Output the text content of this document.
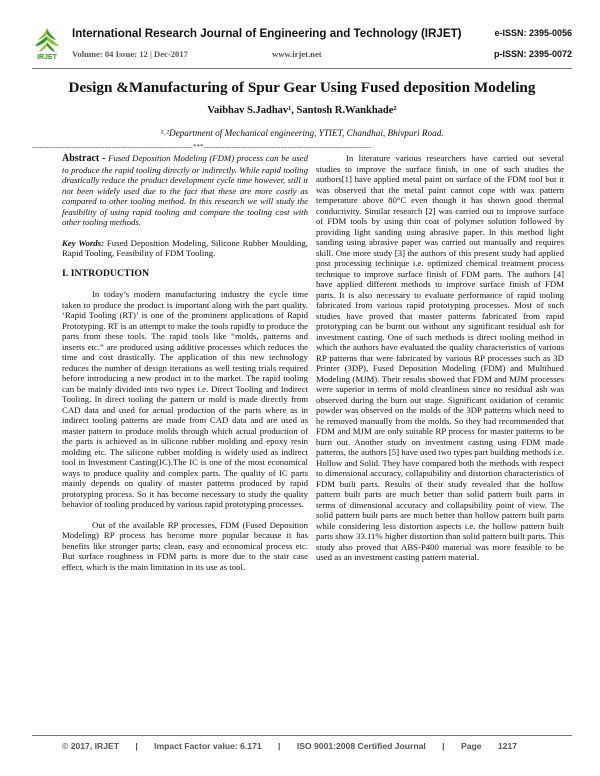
IRJET
International Research Journal of Engineering and Technology (IRJET)	e-ISSN: 2395-0056
Volume: 04 Issue: 12 | Dec-2017	www.irjet.net	p-ISSN: 2395-0072
Design &Manufacturing of Spur Gear Using Fused deposition Modeling
Vaibhav S.Jadhav¹, Santosh R.Wankhade²
¹˒²Department of Mechanical engineering, YTIET, Chandhai, Bhivpuri Road.
---------------------------------------------------------------------***------------------------------------------------------------------------

Abstract - Fused Deposition Modeling (FDM) process can be used to produce the rapid tooling directly or indirectly. While rapid tooling drastically reduce the product development cycle time however, still it not been widely used due to the fact that these are more costly as compared to other tooling method. In this research we will study the feasibility of using rapid tooling and compare the tooling cost with other tooling methods.

Key Words: Fused Deposition Modeling, Silicone Rubber Moulding, Rapid Tooling, Feasibility of FDM Tooling.

I. INTRODUCTION

In today’s modern manufacturing industry the cycle time taken to produce the product is important along with the part quality. ‘Rapid Tooling (RT)’ is one of the prominent applications of Rapid Prototyping. RT is an attempt to make the tools rapidly to produce the parts from these tools. The rapid tools like “molds, patterns and inserts etc.” are produced using additive processes which reduces the time and cost drastically. The application of this new technology reduces the number of design iterations as well testing trials required before introducing a new product in to the market. The rapid tooling can be mainly divided into two types i.e. Direct Tooling and Indirect Tooling. In direct tooling the pattern or mold is made directly from CAD data and used for actual production of the parts where as in indirect tooling patterns are made from CAD data and are used as master pattern to produce molds through which actual production of the parts is achieved as in silicone rubber molding and epoxy resin molding etc. The silicone rubber molding is widely used as indirect tool in Investment Casting(IC).The IC is one of the most economical ways to produce quality and complex parts. The quality of IC parts mainly depends on quality of master patterns produced by rapid prototyping process. So it has become necessary to study the quality behavior of tooling produced by various rapid prototyping processes.

Out of the available RP processes, FDM (Fused Deposition Modeling) RP process has become more popular because it has benefits like stronger parts; clean, easy and economical process etc. But surface roughness in FDM parts is more due to the stair case effect, which is the main limitation in its use as tool.

In literature various researchers have carried out several studies to improve the surface finish, in one of such studies the authors[1] have applied metal paint on surface of the FDM tool but it was observed that the metal paint cannot cope with wax pattern temperature above 80°C even though it has shown good thermal conductivity. Similar research [2] was carried out to improve surface of FDM tools by using thin coat of polymer solution followed by providing light sanding using abrasive paper. In this method light sanding using abrasive paper was carried out manually and requires skill. One more study [3] the authors of this present study had applied post processing technique i.e. optimized chemical treatment process technique to improve surface finish of FDM parts. The authors [4] have applied different methods to improve surface finish of FDM parts. It is also necessary to evaluate performance of rapid tooling fabricated from various rapid prototyping processes. Most of such studies have proved that master patterns fabricated from rapid prototyping can be burnt out without any significant residual ash for investment casting. One of such methods is direct tooling method in which the authors have evaluated the quality characteristics of various RP patterns that were fabricated by various RP processes such as 3D Printer (3DP), Fused Deposition Modeling (FDM) and Multihued Modeling (MJM). Their results showed that FDM and MJM processes were superior in terms of mold cleanliness since no residual ash was observed during the burn out stage. Significant oxidation of ceramic powder was observed on the molds of the 3DP patterns which need to be removed manually from the molds. So they had recommended that FDM and MJM are only suitable RP process for master patterns to be burn out. Another study on investment casting using FDM made patterns, the authors [5] have used two types part building methods i.e. Hollow and Solid. They have compared both the methods with respect to dimensional accuracy, collapsibility and distortion characteristics of FDM built parts. Results of their study revealed that the hollow pattern built parts are much better than solid pattern built parts in terms of dimensional accuracy and collapsibility point of view. The solid pattern built parts are much better than hollow pattern built parts while considering less distortion aspects i.e. the hollow pattern built parts show 33.11% higher distortion than solid pattern built parts. This study also proved that ABS-P400 material was more feasible to be used as an investment casting pattern material.

© 2017, IRJET | Impact Factor value: 6.171 | ISO 9001:2008 Certified Journal | Page 1217
